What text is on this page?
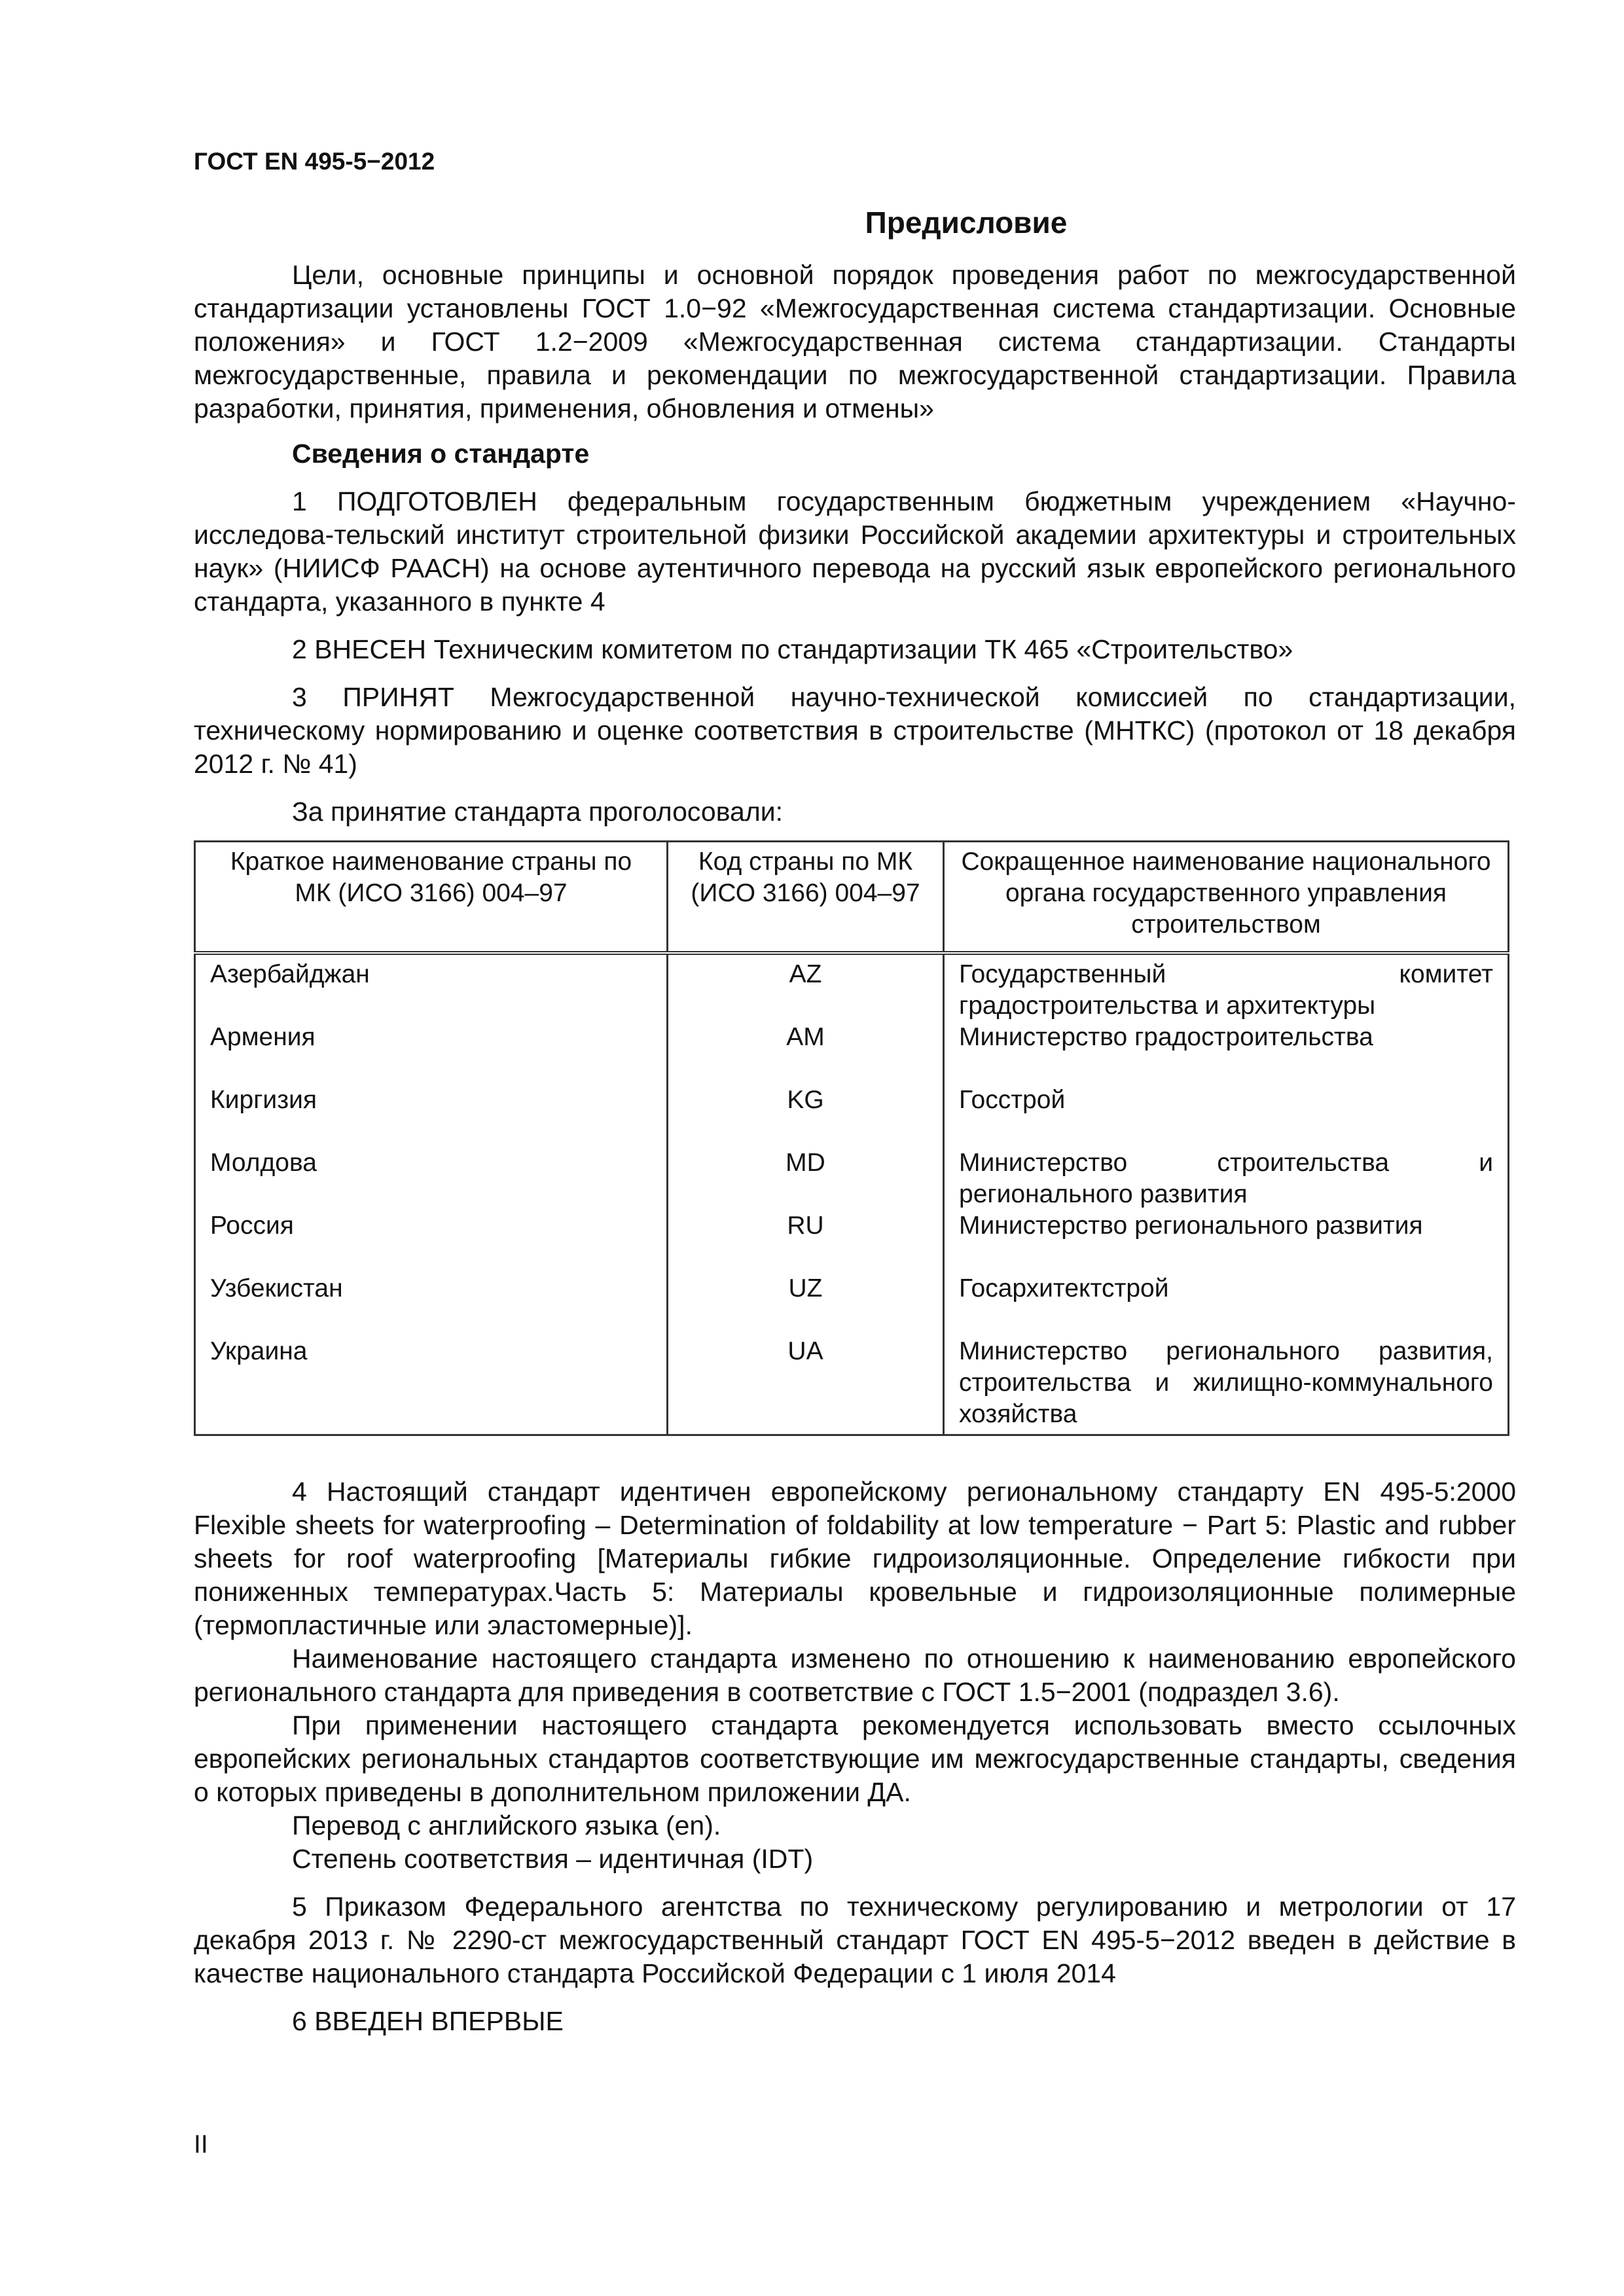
ГОСТ EN 495-5−2012
Предисловие

Цели, основные принципы и основной порядок проведения работ по межгосударственной стандартизации установлены ГОСТ 1.0−92 «Межгосударственная система стандартизации. Основные положения» и ГОСТ 1.2−2009 «Межгосударственная система стандартизации. Стандарты межгосударственные, правила и рекомендации по межгосударственной стандартизации. Правила разработки, принятия, применения, обновления и отмены»

Сведения о стандарте

1 ПОДГОТОВЛЕН федеральным государственным бюджетным учреждением «Научно-исследова-тельский институт строительной физики Российской академии архитектуры и строительных наук» (НИИСФ РААСН) на основе аутентичного перевода на русский язык европейского регионального стандарта, указанного в пункте 4

2 ВНЕСЕН Техническим комитетом по стандартизации ТК 465 «Строительство»

3 ПРИНЯТ Межгосударственной научно-технической комиссией по стандартизации, техническому нормированию и оценке соответствия в строительстве (МНТКС) (протокол от 18 декабря 2012 г. № 41)

За принятие стандарта проголосовали:

Краткое наименование страны по МК (ИСО 3166) 004–97	Код страны по МК (ИСО 3166) 004–97	Сокращенное наименование национального органа государственного управления строительством
Азербайджан	AZ	Государственный комитет градостроительства и архитектуры
Армения	AM	Министерство градостроительства
Киргизия	KG	Госстрой
Молдова	MD	Министерство строительства и регионального развития
Россия	RU	Министерство регионального развития
Узбекистан	UZ	Госархитектстрой
Украина	UA	Министерство регионального развития, строительства и жилищно-коммунального хозяйства

4 Настоящий стандарт идентичен европейскому региональному стандарту EN 495-5:2000 Flexible sheets for waterproofing – Determination of foldability at low temperature − Part 5: Plastic and rubber sheets for roof waterproofing [Материалы гибкие гидроизоляционные. Определение гибкости при пониженных температурах.Часть 5: Материалы кровельные и гидроизоляционные полимерные (термопластичные или эластомерные)].

Наименование настоящего стандарта изменено по отношению к наименованию европейского регионального стандарта для приведения в соответствие с ГОСТ 1.5−2001 (подраздел 3.6).

При применении настоящего стандарта рекомендуется использовать вместо ссылочных европейских региональных стандартов соответствующие им межгосударственные стандарты, сведения о которых приведены в дополнительном приложении ДА.

Перевод с английского языка (en).

Степень соответствия – идентичная (IDT)

5 Приказом Федерального агентства по техническому регулированию и метрологии от 17 декабря 2013 г. № 2290-ст межгосударственный стандарт ГОСТ EN 495-5−2012 введен в действие в качестве национального стандарта Российской Федерации с 1 июля 2014

6 ВВЕДЕН ВПЕРВЫЕ

II
